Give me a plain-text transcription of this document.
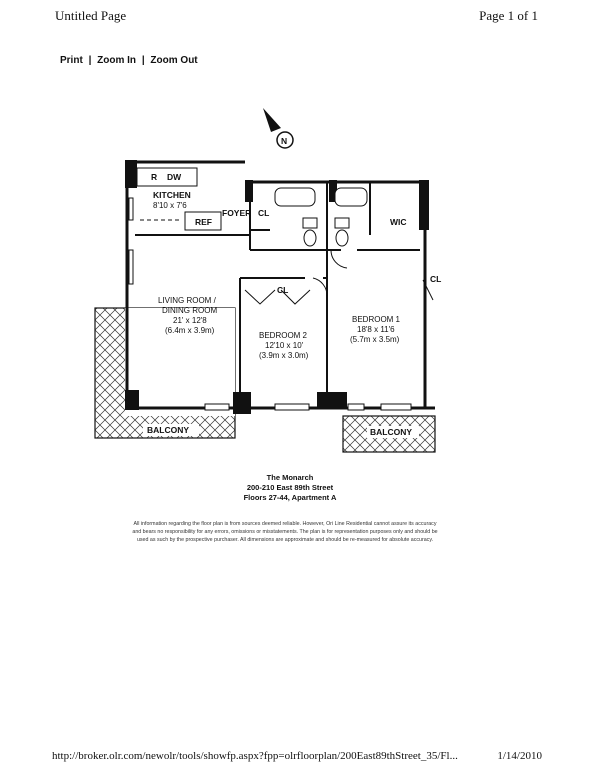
Untitled Page	Page 1 of 1
Print | Zoom In | Zoom Out
N
R DW
KITCHEN
8'10 x 7'6
REF
FOYER CL
WIC
CL
CL
LIVING ROOM /
DINING ROOM
21' x 12'8
(6.4m x 3.9m)
BEDROOM 2
12'10 x 10'
(3.9m x 3.0m)
BEDROOM 1
18'8 x 11'6
(5.7m x 3.5m)
BALCONY	BALCONY
The Monarch
200-210 East 89th Street
Floors 27-44, Apartment A
All information regarding the floor plan is from sources deemed reliable. However, Ori Line Residential cannot assure its accuracy
and bears no responsibility for any errors, omissions or misstatements. The plan is for representation purposes only and should be
used as such by the prospective purchaser. All dimensions are approximate and should be re-measured for absolute accuracy.
http://broker.olr.com/newolr/tools/showfp.aspx?fpp=olrfloorplan/200East89thStreet_35/Fl...	1/14/2010
